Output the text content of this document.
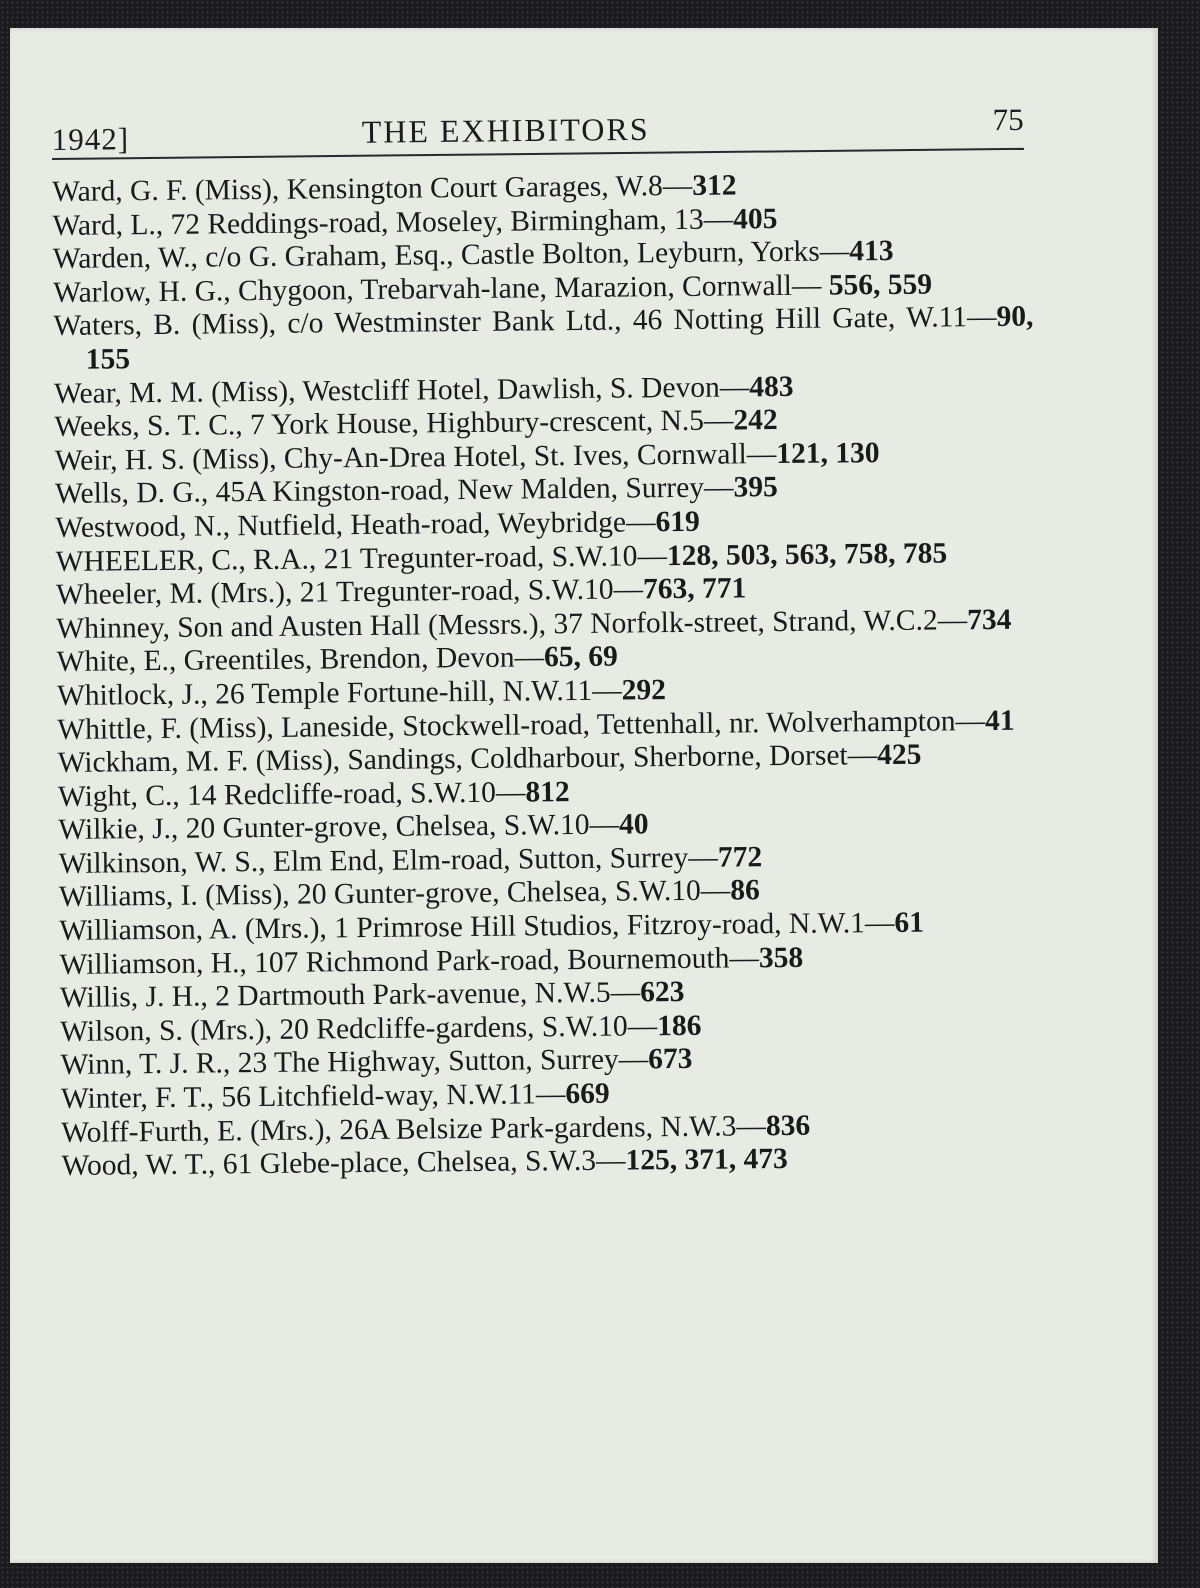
1942]	THE EXHIBITORS	75
Ward, G. F. (Miss), Kensington Court Garages, W.8—312
Ward, L., 72 Reddings-road, Moseley, Birmingham, 13—405
Warden, W., c/o G. Graham, Esq., Castle Bolton, Leyburn, Yorks—413
Warlow, H. G., Chygoon, Trebarvah-lane, Marazion, Cornwall— 556, 559
Waters, B. (Miss), c/o Westminster Bank Ltd., 46 Notting Hill Gate, W.11—90, 155
Wear, M. M. (Miss), Westcliff Hotel, Dawlish, S. Devon—483
Weeks, S. T. C., 7 York House, Highbury-crescent, N.5—242
Weir, H. S. (Miss), Chy-An-Drea Hotel, St. Ives, Cornwall—121, 130
Wells, D. G., 45A Kingston-road, New Malden, Surrey—395
Westwood, N., Nutfield, Heath-road, Weybridge—619
WHEELER, C., R.A., 21 Tregunter-road, S.W.10—128, 503, 563, 758, 785
Wheeler, M. (Mrs.), 21 Tregunter-road, S.W.10—763, 771
Whinney, Son and Austen Hall (Messrs.), 37 Norfolk-street, Strand, W.C.2—734
White, E., Greentiles, Brendon, Devon—65, 69
Whitlock, J., 26 Temple Fortune-hill, N.W.11—292
Whittle, F. (Miss), Laneside, Stockwell-road, Tettenhall, nr. Wolverhampton—41
Wickham, M. F. (Miss), Sandings, Coldharbour, Sherborne, Dorset—425
Wight, C., 14 Redcliffe-road, S.W.10—812
Wilkie, J., 20 Gunter-grove, Chelsea, S.W.10—40
Wilkinson, W. S., Elm End, Elm-road, Sutton, Surrey—772
Williams, I. (Miss), 20 Gunter-grove, Chelsea, S.W.10—86
Williamson, A. (Mrs.), 1 Primrose Hill Studios, Fitzroy-road, N.W.1—61
Williamson, H., 107 Richmond Park-road, Bournemouth—358
Willis, J. H., 2 Dartmouth Park-avenue, N.W.5—623
Wilson, S. (Mrs.), 20 Redcliffe-gardens, S.W.10—186
Winn, T. J. R., 23 The Highway, Sutton, Surrey—673
Winter, F. T., 56 Litchfield-way, N.W.11—669
Wolff-Furth, E. (Mrs.), 26A Belsize Park-gardens, N.W.3—836
Wood, W. T., 61 Glebe-place, Chelsea, S.W.3—125, 371, 473
